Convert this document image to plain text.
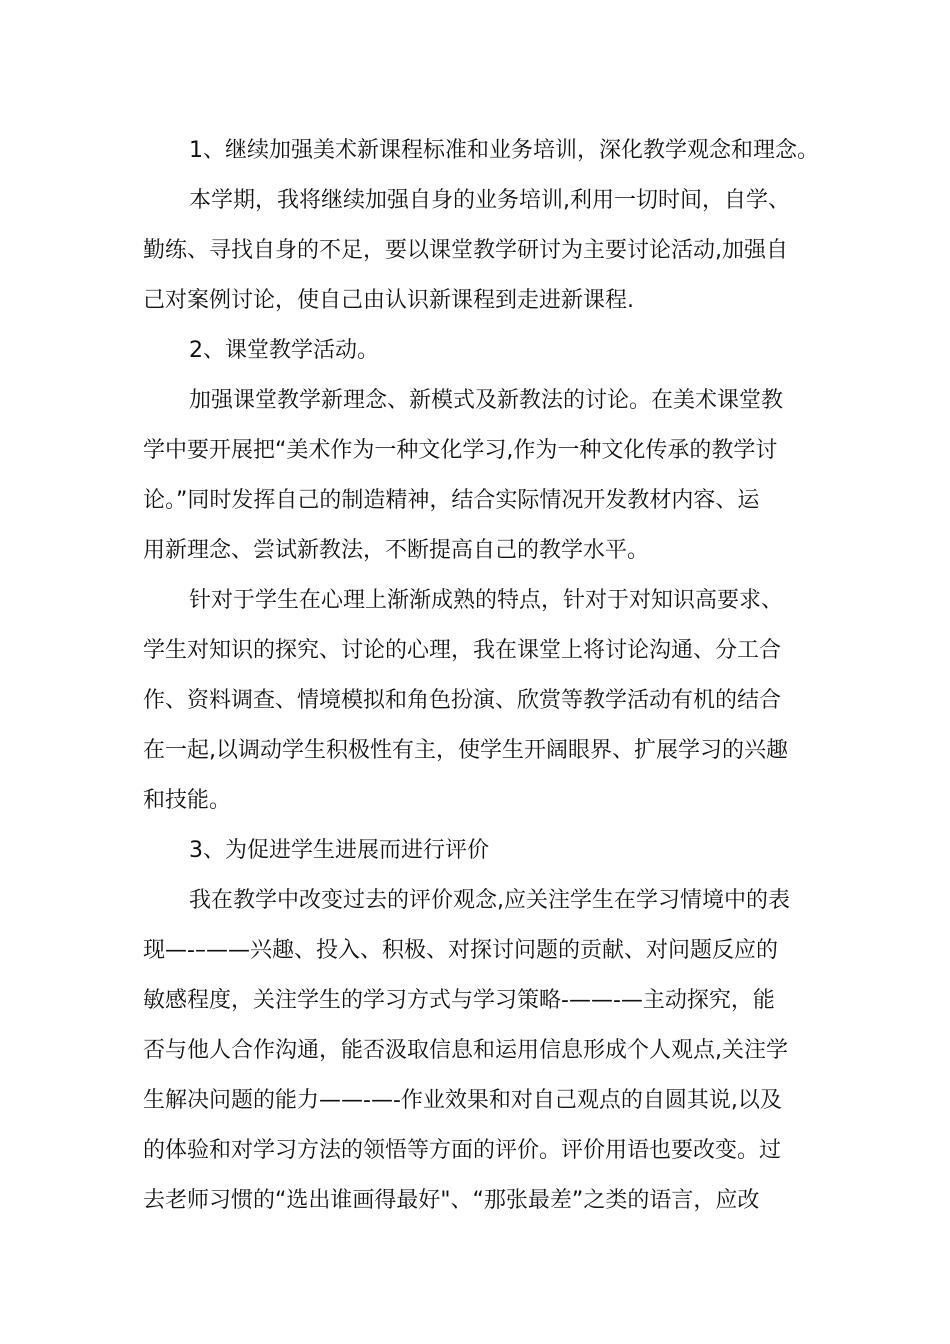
1、继续加强美术新课程标准和业务培训，深化教学观念和理念。
本学期，我将继续加强自身的业务培训,利用一切时间，自学、
勤练、寻找自身的不足，要以课堂教学研讨为主要讨论活动,加强自
己对案例讨论，使自己由认识新课程到走进新课程.
2、课堂教学活动。
加强课堂教学新理念、新模式及新教法的讨论。在美术课堂教
学中要开展把“美术作为一种文化学习,作为一种文化传承的教学讨
论。”同时发挥自己的制造精神，结合实际情况开发教材内容、运
用新理念、尝试新教法，不断提高自己的教学水平。
针对于学生在心理上渐渐成熟的特点，针对于对知识高要求、
学生对知识的探究、讨论的心理，我在课堂上将讨论沟通、分工合
作、资料调查、情境模拟和角色扮演、欣赏等教学活动有机的结合
在一起,以调动学生积极性有主，使学生开阔眼界、扩展学习的兴趣
和技能。
3、为促进学生进展而进行评价
我在教学中改变过去的评价观念,应关注学生在学习情境中的表
现—-–——兴趣、投入、积极、对探讨问题的贡献、对问题反应的
敏感程度，关注学生的学习方式与学习策略-——-—主动探究，能
否与他人合作沟通，能否汲取信息和运用信息形成个人观点,关注学
生解决问题的能力——-—-作业效果和对自己观点的自圆其说,以及
的体验和对学习方法的领悟等方面的评价。评价用语也要改变。过
去老师习惯的“选出谁画得最好"、“那张最差”之类的语言，应改
